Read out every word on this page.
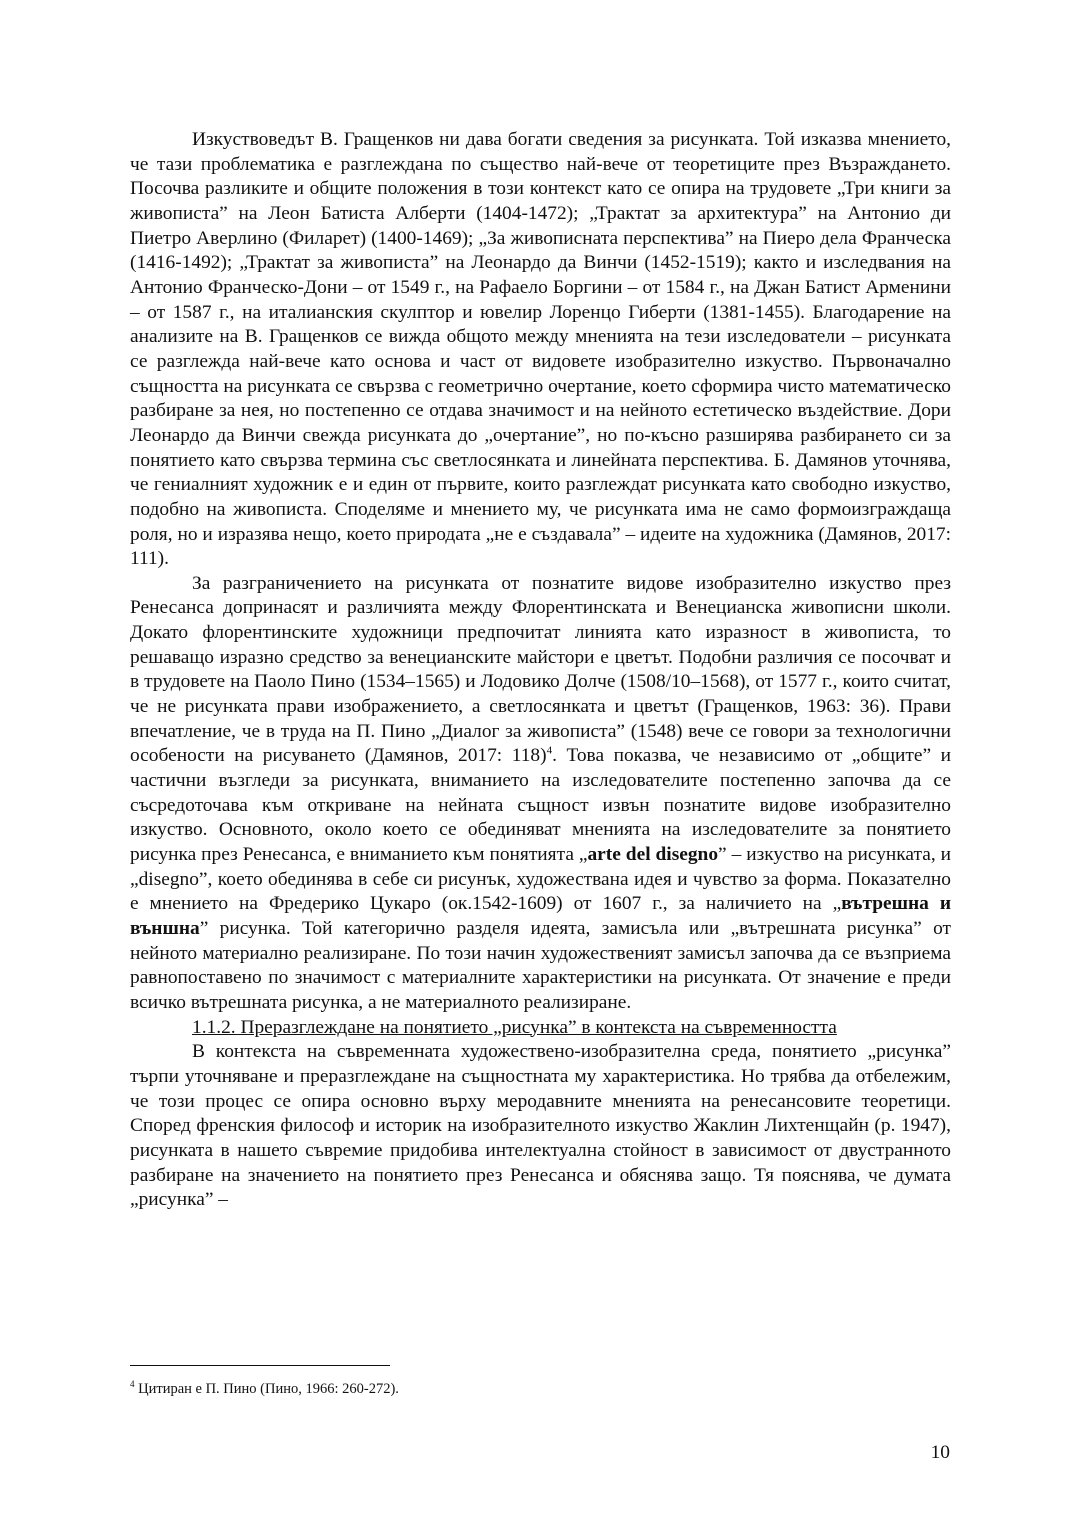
Изкуствоведът В. Гращенков ни дава богати сведения за рисунката. Той изказва мнението, че тази проблематика е разглеждана по същество най-вече от теоретиците през Възраждането. Посочва разликите и общите положения в този контекст като се опира на трудовете „Три книги за живописта” на Леон Батиста Алберти (1404-1472); „Трактат за архитектура” на Антонио ди Пиетро Аверлино (Филарет) (1400-1469); „За живописната перспектива” на Пиеро дела Франческа (1416-1492); „Трактат за живописта” на Леонардо да Винчи (1452-1519); както и изследвания на Антонио Франческо-Дони – от 1549 г., на Рафаело Боргини – от 1584 г., на Джан Батист Арменини – от 1587 г., на италианския скулптор и ювелир Лоренцо Гиберти (1381-1455). Благодарение на анализите на В. Гращенков се вижда общото между мненията на тези изследователи – рисунката се разглежда най-вече като основа и част от видовете изобразително изкуство. Първоначално същността на рисунката се свързва с геометрично очертание, което сформира чисто математическо разбиране за нея, но постепенно се отдава значимост и на нейното естетическо въздействие. Дори Леонардо да Винчи свежда рисунката до „очертание”, но по-късно разширява разбирането си за понятието като свързва термина със светлосянката и линейната перспектива. Б. Дамянов уточнява, че гениалният художник е и един от първите, които разглеждат рисунката като свободно изкуство, подобно на живописта. Споделяме и мнението му, че рисунката има не само формоизграждаща роля, но и изразява нещо, което природата „не е създавала” – идеите на художника (Дамянов, 2017: 111).

За разграничението на рисунката от познатите видове изобразително изкуство през Ренесанса допринасят и различията между Флорентинската и Венецианска живописни школи. Докато флорентинските художници предпочитат линията като изразност в живописта, то решаващо изразно средство за венецианските майстори е цветът. Подобни различия се посочват и в трудовете на Паоло Пино (1534–1565) и Лодовико Долче (1508/10–1568), от 1577 г., които считат, че не рисунката прави изображението, а светлосянката и цветът (Гращенков, 1963: 36). Прави впечатление, че в труда на П. Пино „Диалог за живописта” (1548) вече се говори за технологични особености на рисуването (Дамянов, 2017: 118)$^4$. Това показва, че независимо от „общите” и частични възгледи за рисунката, вниманието на изследователите постепенно започва да се съсредоточава към откриване на нейната същност извън познатите видове изобразително изкуство. Основното, около което се обединяват мненията на изследователите за понятието рисунка през Ренесанса, е вниманието към понятията „arte del disegno” – изкуство на рисунката, и „disegno”, което обединява в себе си рисунък, художествана идея и чувство за форма. Показателно е мнението на Фредерико Цукаро (ок.1542-1609) от 1607 г., за наличието на „вътрешна и външна” рисунка. Той категорично разделя идеята, замисъла или „вътрешната рисунка” от нейното материално реализиране. По този начин художественият замисъл започва да се възприема равнопоставено по значимост с материалните характеристики на рисунката. От значение е преди всичко вътрешната рисунка, а не материалното реализиране.

1.1.2. Преразглеждане на понятието „рисунка” в контекста на съвременността

В контекста на съвременната художествено-изобразителна среда, понятието „рисунка” търпи уточняване и преразглеждане на същностната му характеристика. Но трябва да отбележим, че този процес се опира основно върху меродавните мненията на ренесансовите теоретици. Според френския философ и историк на изобразителното изкуство Жаклин Лихтенщайн (р. 1947), рисунката в нашето съвремие придобива интелектуална стойност в зависимост от двустранното разбиране на значението на понятието през Ренесанса и обяснява защо. Тя пояснява, че думата „рисунка” –

$^4$ Цитиран е П. Пино (Пино, 1966: 260-272).

10
